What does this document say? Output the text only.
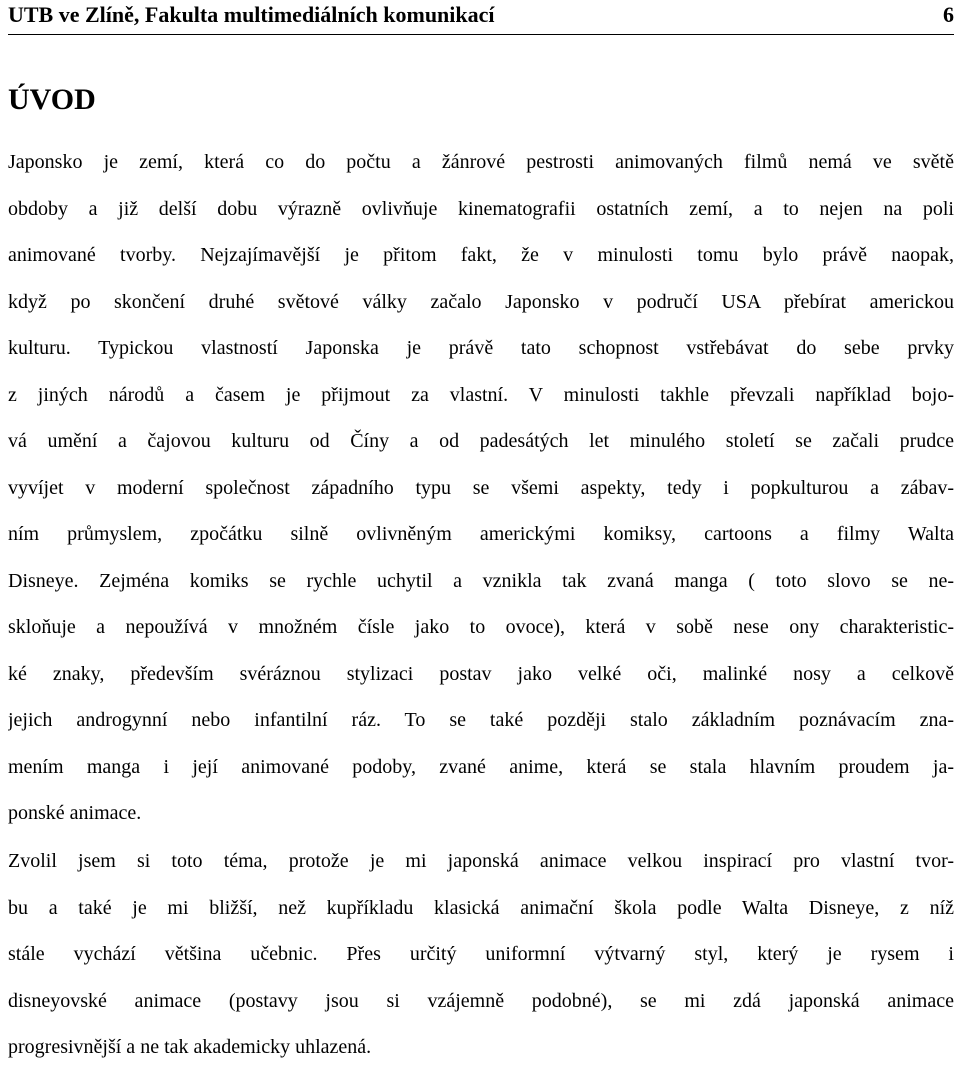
UTB ve Zlíně, Fakulta multimediálních komunikací	6
ÚVOD

Japonsko je zemí, která co do počtu a žánrové pestrosti animovaných filmů nemá ve světě
obdoby a již delší dobu výrazně ovlivňuje kinematografii ostatních zemí, a to nejen na poli
animované tvorby. Nejzajímavější je přitom fakt, že v minulosti tomu bylo právě naopak,
když po skončení druhé světové války začalo Japonsko v područí USA přebírat americkou
kulturu. Typickou vlastností Japonska je právě tato schopnost vstřebávat do sebe prvky
z jiných národů a časem je přijmout za vlastní. V minulosti takhle převzali například bojo-
vá umění a čajovou kulturu od Číny a od padesátých let minulého století se začali prudce
vyvíjet v moderní společnost západního typu se všemi aspekty, tedy i popkulturou a zábav-
ním průmyslem, zpočátku silně ovlivněným americkými komiksy, cartoons a filmy Walta
Disneye. Zejména komiks se rychle uchytil a vznikla tak zvaná manga ( toto slovo se ne-
skloňuje a nepoužívá v množném čísle jako to ovoce), která v sobě nese ony charakteristic-
ké znaky, především svéráznou stylizaci postav jako velké oči, malinké nosy a celkově
jejich androgynní nebo infantilní ráz. To se také později stalo základním poznávacím zna-
mením manga i její animované podoby, zvané anime, která se stala hlavním proudem ja-
ponské animace.

Zvolil jsem si toto téma, protože je mi japonská animace velkou inspirací pro vlastní tvor-
bu a také je mi bližší, než kupříkladu klasická animační škola podle Walta Disneye, z níž
stále vychází většina učebnic. Přes určitý uniformní výtvarný styl, který je rysem i
disneyovské animace (postavy jsou si vzájemně podobné), se mi zdá japonská animace
progresivnější a ne tak akademicky uhlazená.
